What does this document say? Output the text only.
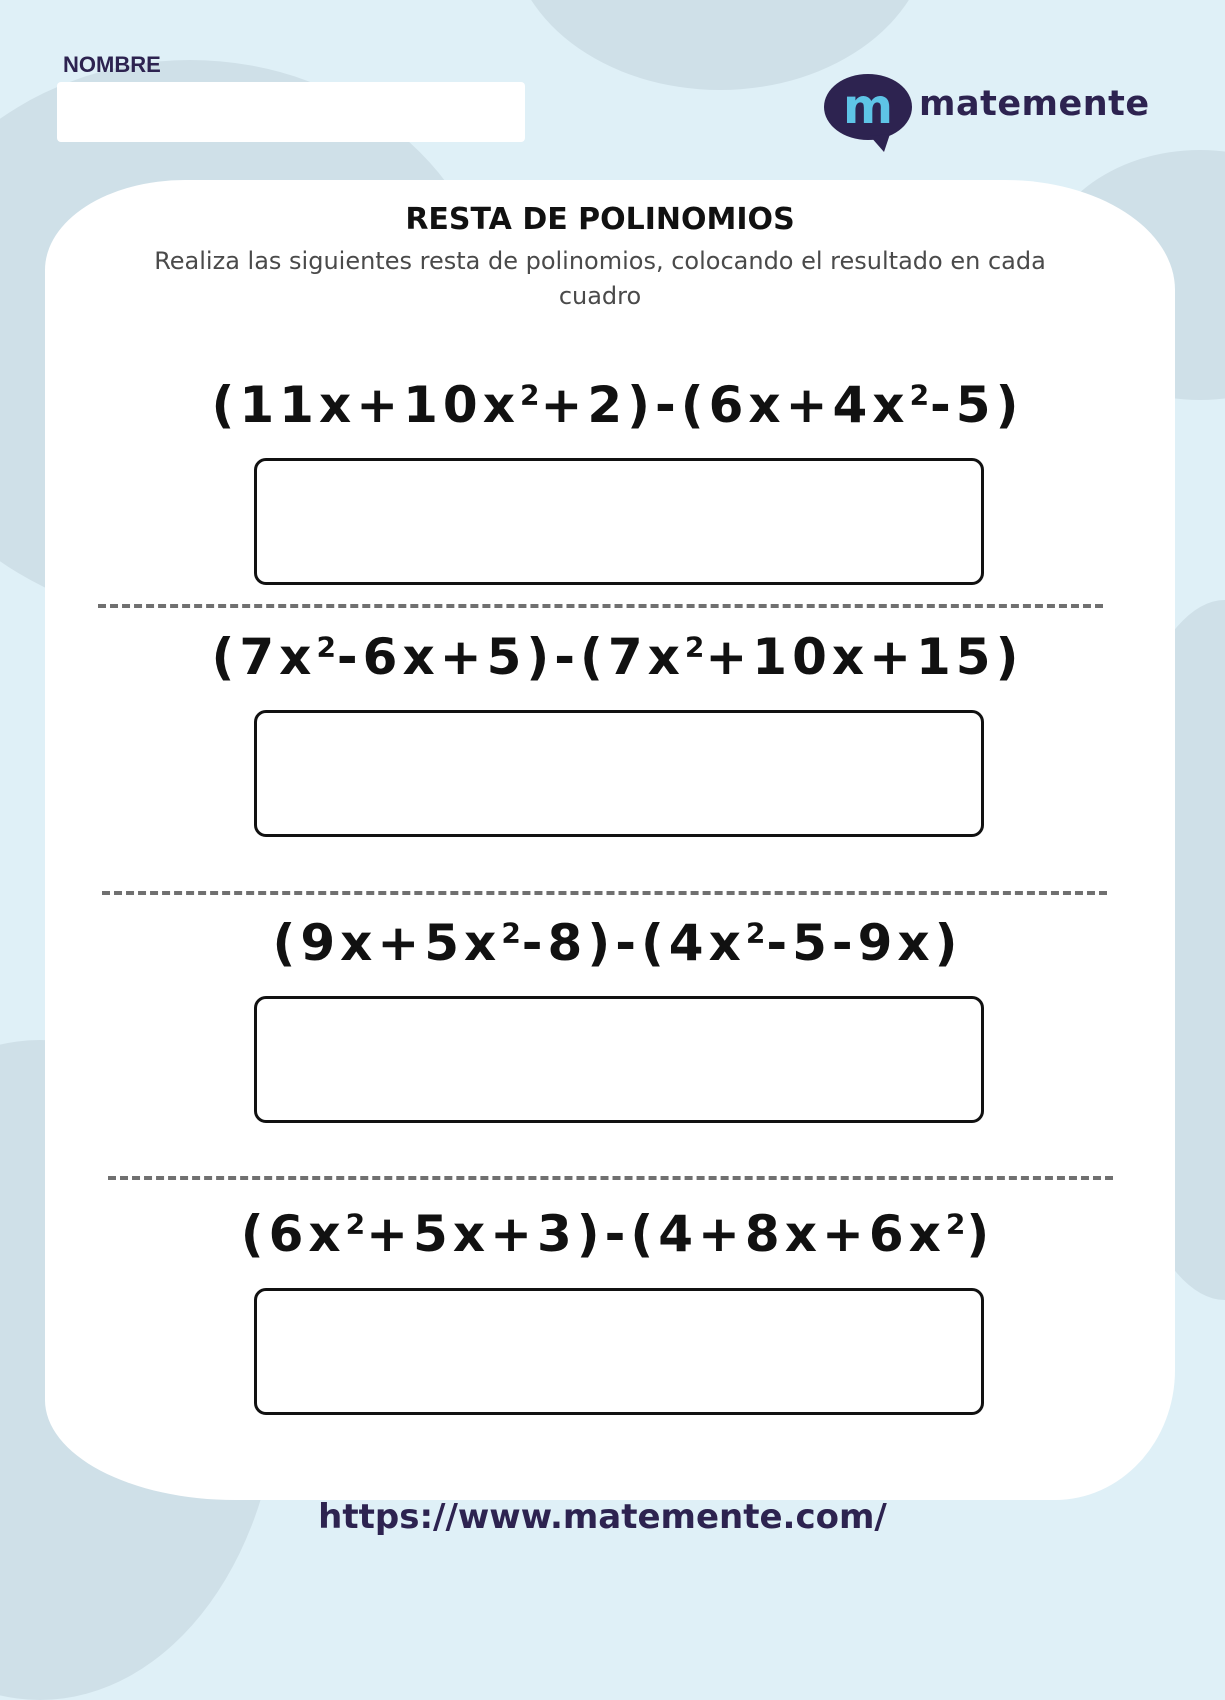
NOMBRE

m matemente
RESTA DE POLINOMIOS

Realiza las siguientes resta de polinomios, colocando el resultado en cada cuadro

$(11x+10x^2+2)-(6x+4x^2-5)$
$(7x^2-6x+5)-(7x^2+10x+15)$
$(9x+5x^2-8)-(4x^2-5-9x)$
$(6x^2+5x+3)-(4+8x+6x^2)$
https://www.matemente.com/
